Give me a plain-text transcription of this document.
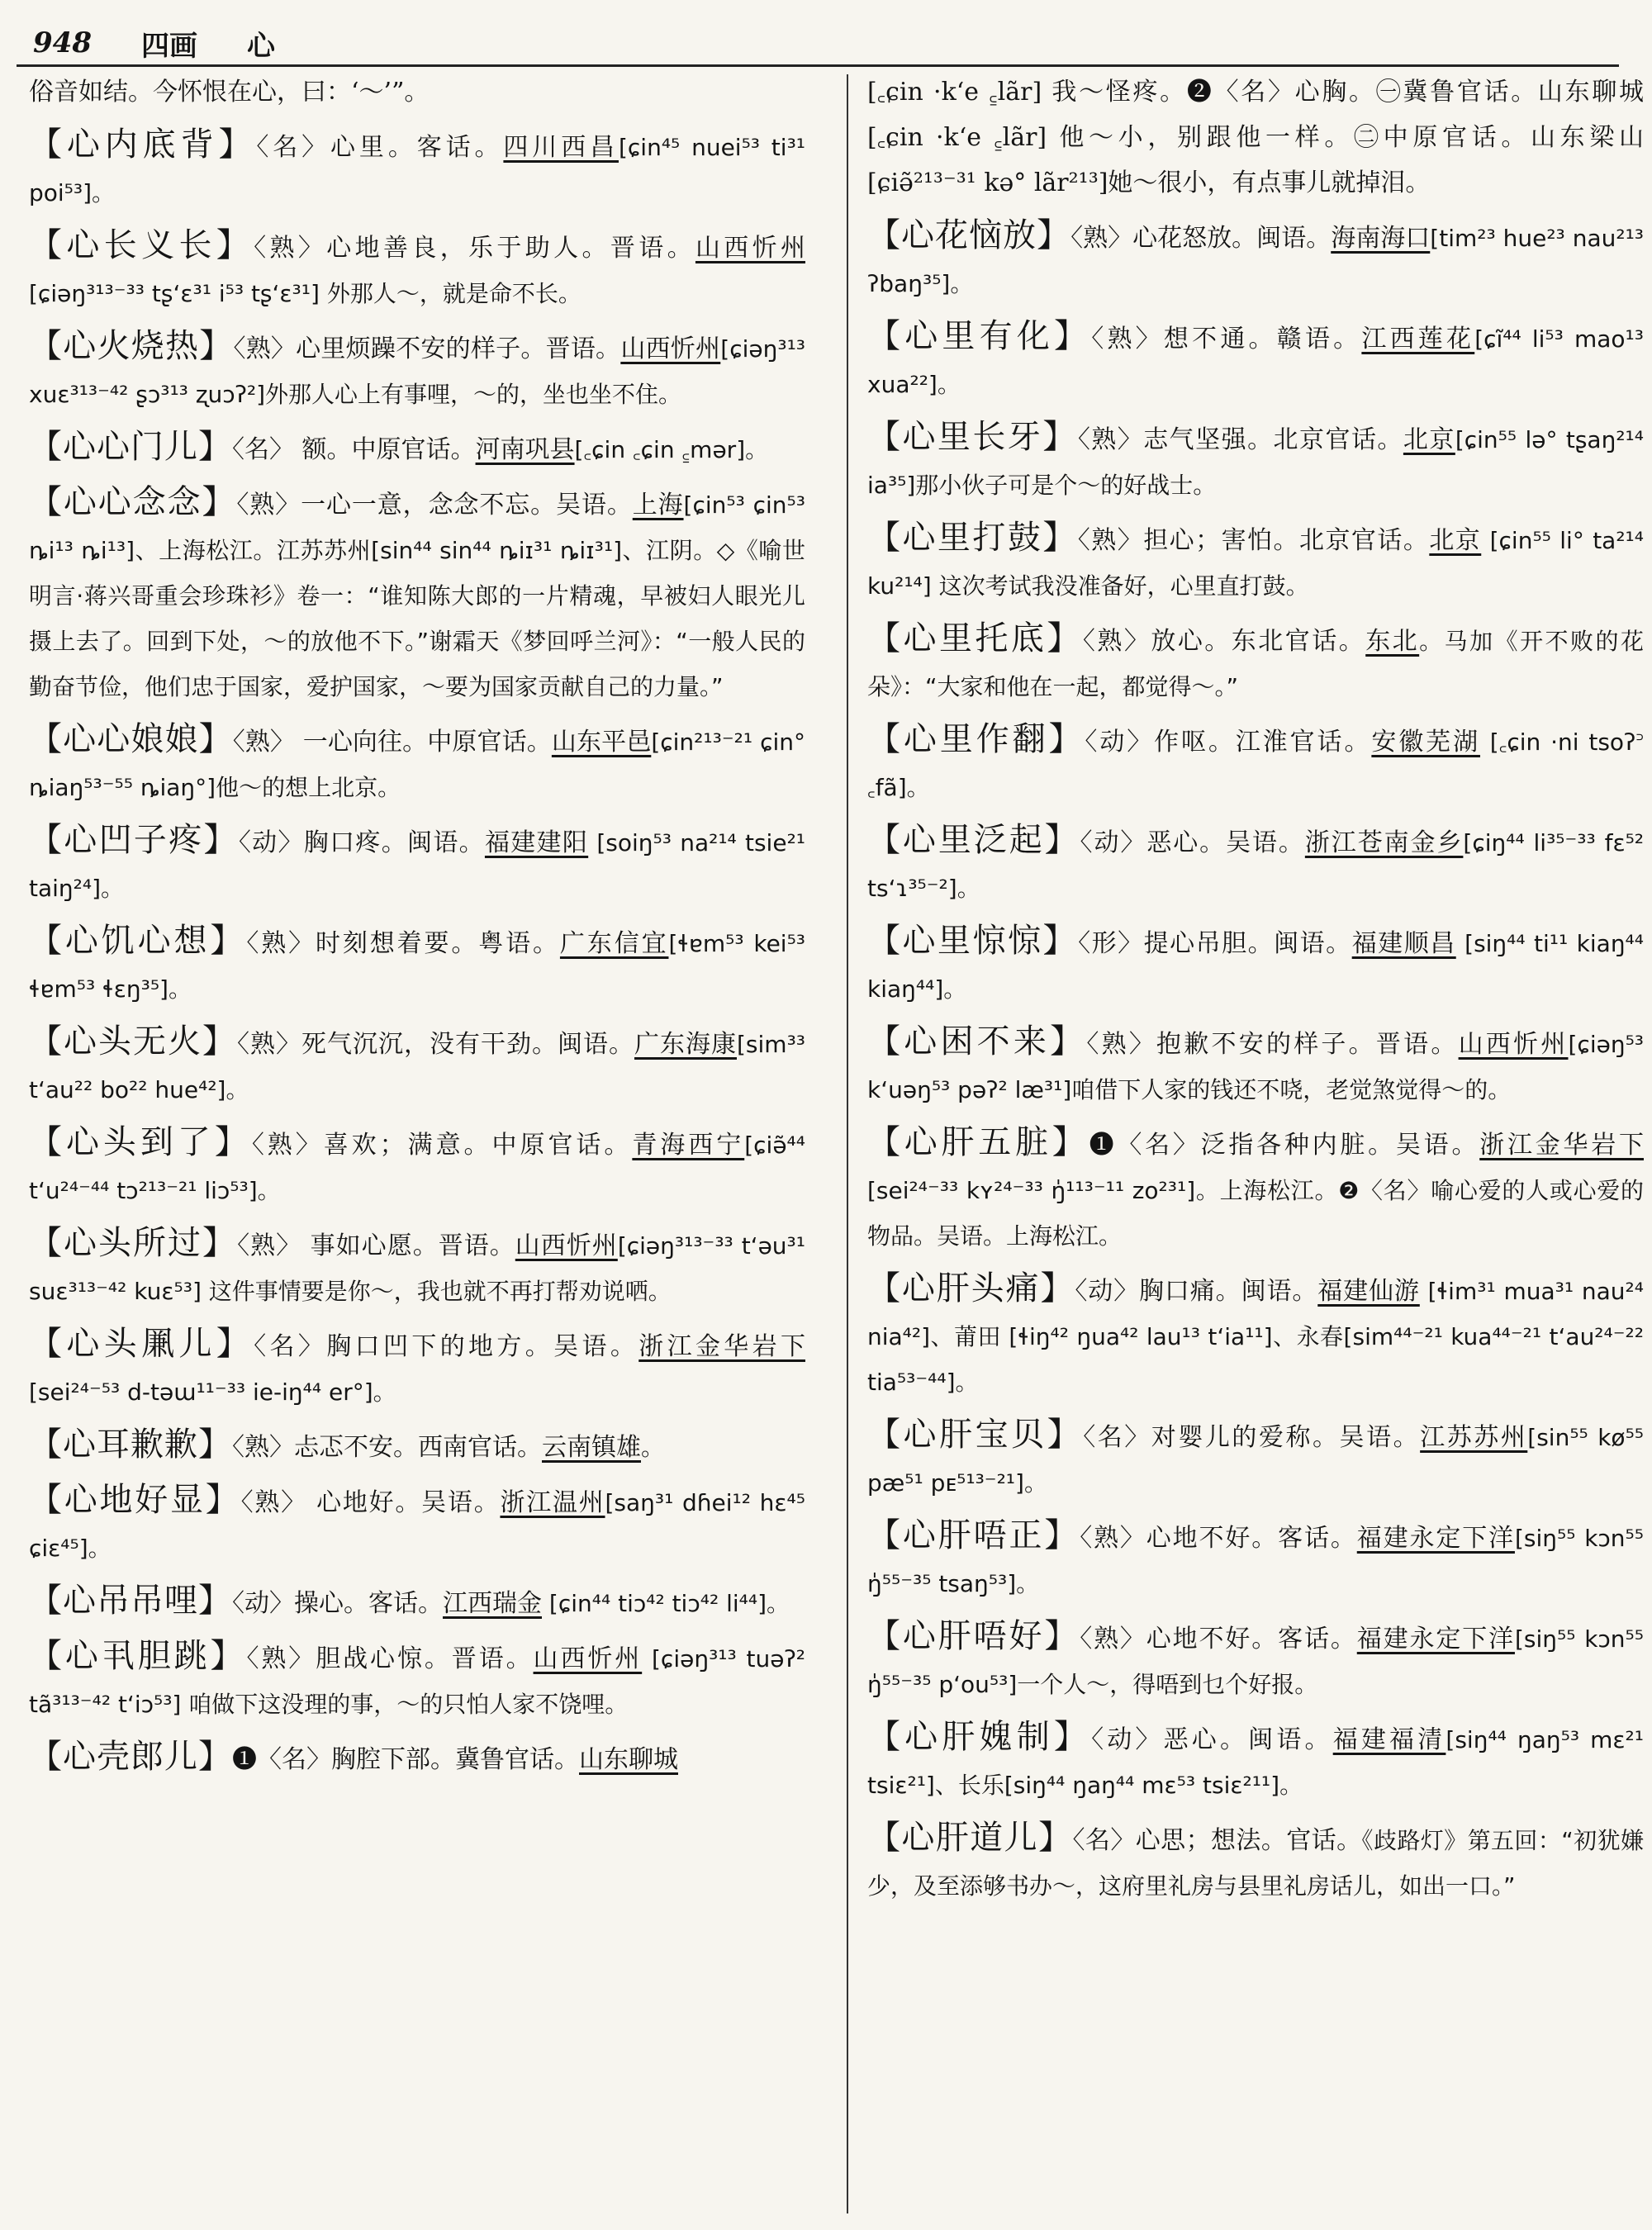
948 四画 心
俗音如结。今怀恨在心，曰：‘～’”。
【心内底背】〈名〉心里。客话。四川西昌[ɕin⁴⁵ nuei⁵³ ti³¹ poi⁵³]。
【心长义长】〈熟〉心地善良，乐于助人。晋语。山西忻州[ɕiəŋ³¹³⁻³³ tʂ‘ɛ³¹ i⁵³ tʂ‘ɛ³¹] 外那人～，就是命不长。
【心火烧热】〈熟〉心里烦躁不安的样子。晋语。山西忻州[ɕiəŋ³¹³ xuɛ³¹³⁻⁴² ʂɔ³¹³ ʐuɔʔ²]外那人心上有事哩，～的，坐也坐不住。
【心心门儿】〈名〉 额。中原官话。河南巩县[꜀ɕin ꜀ɕin ꜁mər]。
【心心念念】〈熟〉一心一意，念念不忘。吴语。上海[ɕin⁵³ ɕin⁵³ ȵi¹³ ȵi¹³]、上海松江。江苏苏州[sin⁴⁴ sin⁴⁴ ȵiɪ³¹ ȵiɪ³¹]、江阴。◇《喻世明言·蒋兴哥重会珍珠衫》卷一：“谁知陈大郎的一片精魂，早被妇人眼光儿摄上去了。回到下处，～的放他不下。”谢霜天《梦回呼兰河》：“一般人民的勤奋节俭，他们忠于国家，爱护国家，～要为国家贡献自己的力量。”
【心心娘娘】〈熟〉 一心向往。中原官话。山东平邑[ɕin²¹³⁻²¹ ɕin° ȵiaŋ⁵³⁻⁵⁵ ȵiaŋ°]他～的想上北京。
【心凹子疼】〈动〉胸口疼。闽语。福建建阳 [soiŋ⁵³ na²¹⁴ tsie²¹ taiŋ²⁴]。
【心饥心想】〈熟〉时刻想着要。粤语。广东信宜[ɬɐm⁵³ kei⁵³ ɬɐm⁵³ ɬɛŋ³⁵]。
【心头无火】〈熟〉死气沉沉，没有干劲。闽语。广东海康[sim³³ t‘au²² bo²² hue⁴²]。
【心头到了】〈熟〉喜欢；满意。中原官话。青海西宁[ɕiə̃⁴⁴ t‘u²⁴⁻⁴⁴ tɔ²¹³⁻²¹ liɔ⁵³]。
【心头所过】〈熟〉 事如心愿。晋语。山西忻州[ɕiəŋ³¹³⁻³³ t‘əu³¹ suɛ³¹³⁻⁴² kuɛ⁵³] 这件事情要是你～，我也就不再打帮劝说哂。
【心头凲儿】〈名〉胸口凹下的地方。吴语。浙江金华岩下[sei²⁴⁻⁵³ d-təɯ¹¹⁻³³ ie-iŋ⁴⁴ er°]。
【心耳歉歉】〈熟〉忐忑不安。西南官话。云南镇雄。
【心地好显】〈熟〉 心地好。吴语。浙江温州[saŋ³¹ dɦei¹² hɛ⁴⁵ ɕiɛ⁴⁵]。
【心吊吊哩】〈动〉操心。客话。江西瑞金 [ɕin⁴⁴ tiɔ⁴² tiɔ⁴² li⁴⁴]。
【心丮胆跳】〈熟〉胆战心惊。晋语。山西忻州 [ɕiəŋ³¹³ tuəʔ² tã³¹³⁻⁴² t‘iɔ⁵³] 咱做下这没理的事，～的只怕人家不饶哩。
【心壳郎儿】❶〈名〉胸腔下部。冀鲁官话。山东聊城
[꜀ɕin ·k‘e ꜁lãr] 我～怪疼。❷〈名〉心胸。㊀冀鲁官话。山东聊城[꜀ɕin ·k‘e ꜁lãr] 他～小，别跟他一样。㊁中原官话。山东梁山[ɕiə̃²¹³⁻³¹ kə° lãr²¹³]她～很小，有点事儿就掉泪。
【心花恼放】〈熟〉心花怒放。闽语。海南海口[tim²³ hue²³ nau²¹³ ʔbaŋ³⁵]。
【心里有化】〈熟〉想不通。赣语。江西莲花[ɕĩ⁴⁴ li⁵³ mao¹³ xua²²]。
【心里长牙】〈熟〉志气坚强。北京官话。北京[ɕin⁵⁵ lə° tʂaŋ²¹⁴ ia³⁵]那小伙子可是个～的好战士。
【心里打鼓】〈熟〉担心；害怕。北京官话。北京 [ɕin⁵⁵ li° ta²¹⁴ ku²¹⁴] 这次考试我没准备好，心里直打鼓。
【心里托底】〈熟〉放心。东北官话。东北。马加《开不败的花朵》：“大家和他在一起，都觉得～。”
【心里作翻】〈动〉作呕。江淮官话。安徽芜湖 [꜀ɕin ·ni tsoʔ꜄ ꜀fã]。
【心里泛起】〈动〉恶心。吴语。浙江苍南金乡[ɕiŋ⁴⁴ li³⁵⁻³³ fɛ⁵² ts‘ɿ³⁵⁻²]。
【心里惊惊】〈形〉提心吊胆。闽语。福建顺昌 [siŋ⁴⁴ ti¹¹ kiaŋ⁴⁴ kiaŋ⁴⁴]。
【心困不来】〈熟〉抱歉不安的样子。晋语。山西忻州[ɕiəŋ⁵³ k‘uəŋ⁵³ pəʔ² læ³¹]咱借下人家的钱还不哓，老觉煞觉得～的。
【心肝五脏】❶〈名〉泛指各种内脏。吴语。浙江金华岩下 [sei²⁴⁻³³ kʏ²⁴⁻³³ ŋ̍¹¹³⁻¹¹ zo²³¹]。上海松江。❷〈名〉喻心爱的人或心爱的物品。吴语。上海松江。
【心肝头痛】〈动〉胸口痛。闽语。福建仙游 [ɬim³¹ mua³¹ nau²⁴ nia⁴²]、莆田 [ɬiŋ⁴² ŋua⁴² lau¹³ t‘ia¹¹]、永春[sim⁴⁴⁻²¹ kua⁴⁴⁻²¹ t‘au²⁴⁻²² tia⁵³⁻⁴⁴]。
【心肝宝贝】〈名〉对婴儿的爱称。吴语。江苏苏州[sin⁵⁵ kø⁵⁵ pæ⁵¹ pᴇ⁵¹³⁻²¹]。
【心肝唔正】〈熟〉心地不好。客话。福建永定下洋[siŋ⁵⁵ kɔn⁵⁵ ŋ̍⁵⁵⁻³⁵ tsaŋ⁵³]。
【心肝唔好】〈熟〉心地不好。客话。福建永定下洋[siŋ⁵⁵ kɔn⁵⁵ ŋ̍⁵⁵⁻³⁵ p‘ou⁵³]一个人～，得唔到乜个好报。
【心肝媿制】〈动〉恶心。闽语。福建福清[siŋ⁴⁴ ŋaŋ⁵³ mɛ²¹ tsiɛ²¹]、长乐[siŋ⁴⁴ ŋaŋ⁴⁴ mɛ⁵³ tsiɛ²¹¹]。
【心肝道儿】〈名〉心思；想法。官话。《歧路灯》第五回：“初犹嫌少，及至添够书办～，这府里礼房与县里礼房话儿，如出一口。”
